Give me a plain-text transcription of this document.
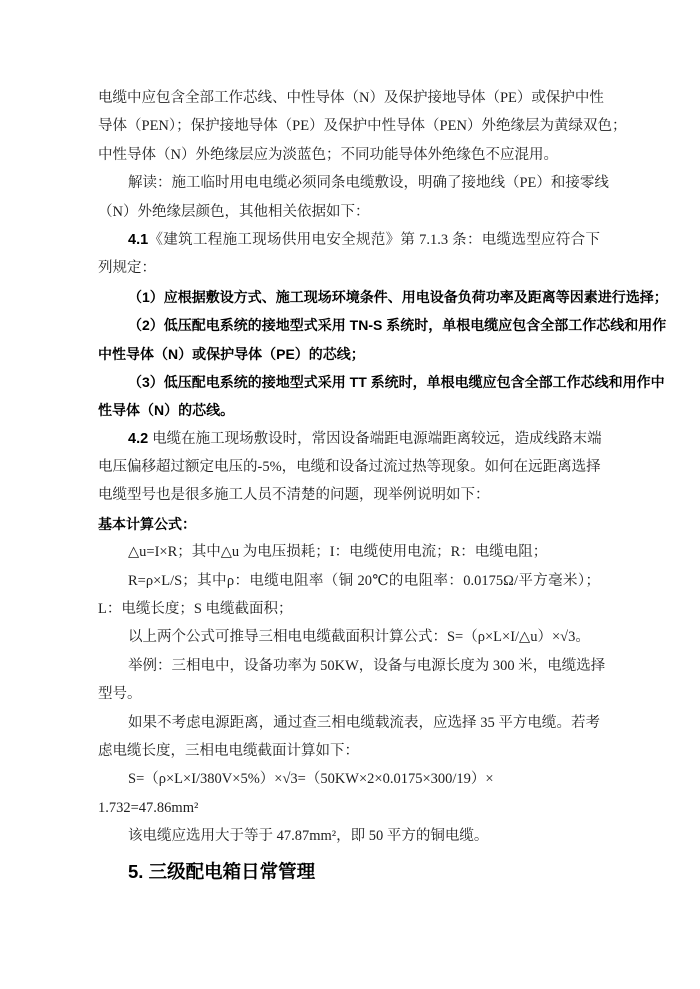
电缆中应包含全部工作芯线、中性导体（N）及保护接地导体（PE）或保护中性
导体（PEN）；保护接地导体（PE）及保护中性导体（PEN）外绝缘层为黄绿双色；
中性导体（N）外绝缘层应为淡蓝色；不同功能导体外绝缘色不应混用。
解读：施工临时用电电缆必须同条电缆敷设，明确了接地线（PE）和接零线
（N）外绝缘层颜色，其他相关依据如下：
4.1《建筑工程施工现场供用电安全规范》第 7.1.3 条：电缆选型应符合下
列规定：
（1）应根据敷设方式、施工现场环境条件、用电设备负荷功率及距离等因素进行选择；
（2）低压配电系统的接地型式采用 TN-S 系统时，单根电缆应包含全部工作芯线和用作
中性导体（N）或保护导体（PE）的芯线；
（3）低压配电系统的接地型式采用 TT 系统时，单根电缆应包含全部工作芯线和用作中
性导体（N）的芯线。
4.2 电缆在施工现场敷设时，常因设备端距电源端距离较远，造成线路末端
电压偏移超过额定电压的-5%，电缆和设备过流过热等现象。如何在远距离选择
电缆型号也是很多施工人员不清楚的问题，现举例说明如下：
基本计算公式：
△u=I×R；其中△u 为电压损耗；I：电缆使用电流；R：电缆电阻；
R=ρ×L/S；其中ρ：电缆电阻率（铜 20℃的电阻率：0.0175Ω/平方毫米）；
L：电缆长度；S 电缆截面积；
以上两个公式可推导三相电电缆截面积计算公式：S=（ρ×L×I/△u）×√3。
举例：三相电中，设备功率为 50KW，设备与电源长度为 300 米，电缆选择
型号。
如果不考虑电源距离，通过查三相电缆载流表，应选择 35 平方电缆。若考
虑电缆长度，三相电电缆截面计算如下：
S=（ρ×L×I/380V×5%）×√3=（50KW×2×0.0175×300/19）×
1.732=47.86mm²
该电缆应选用大于等于 47.87mm²，即 50 平方的铜电缆。
5. 三级配电箱日常管理
